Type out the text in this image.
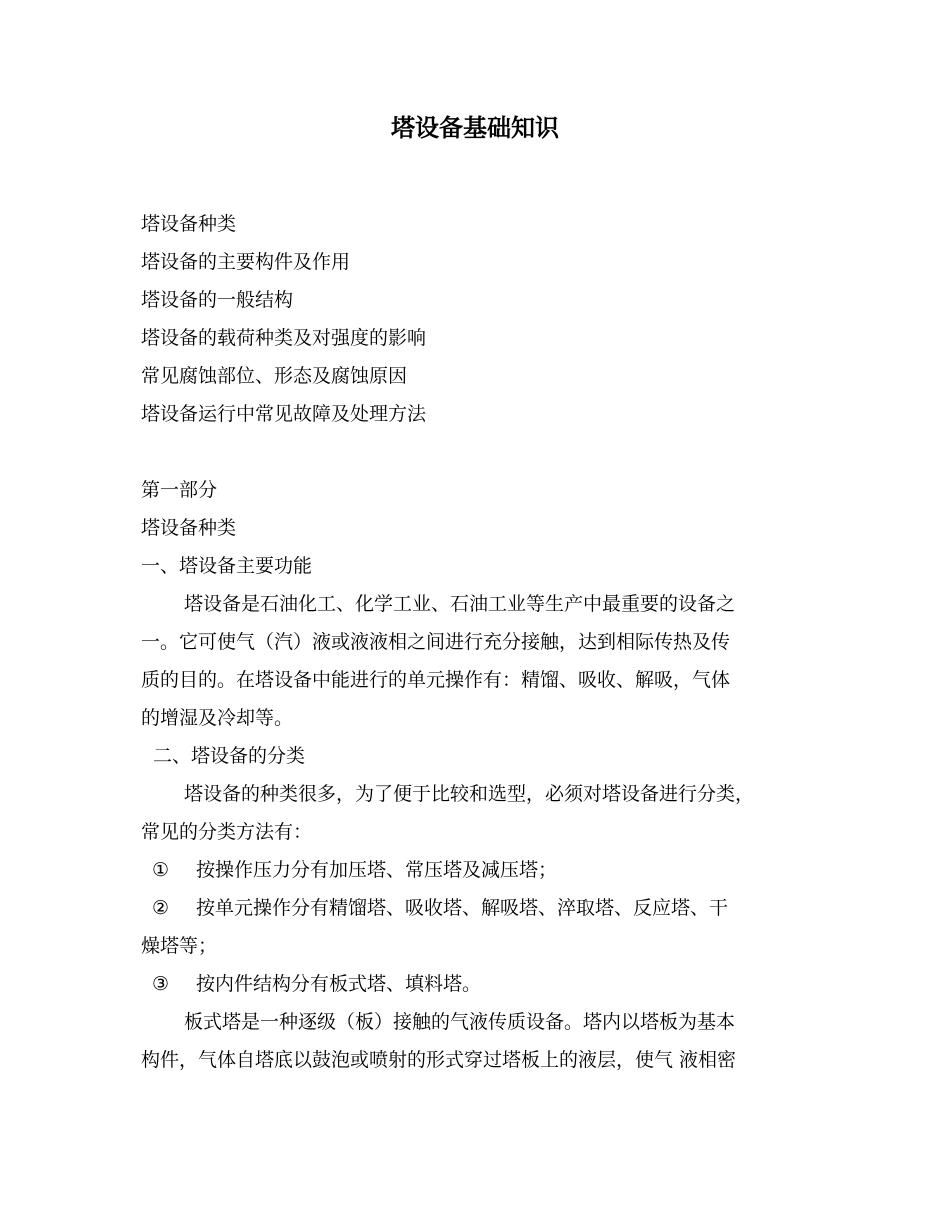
塔设备基础知识

塔设备种类

塔设备的主要构件及作用

塔设备的一般结构

塔设备的载荷种类及对强度的影响

常见腐蚀部位、形态及腐蚀原因

塔设备运行中常见故障及处理方法

第一部分

塔设备种类

一、塔设备主要功能

塔设备是石油化工、化学工业、石油工业等生产中最重要的设备之

一。它可使气（汽）液或液液相之间进行充分接触，达到相际传热及传

质的目的。在塔设备中能进行的单元操作有：精馏、吸收、解吸，气体

的增湿及冷却等。

二、塔设备的分类

塔设备的种类很多，为了便于比较和选型，必须对塔设备进行分类，

常见的分类方法有：

① 按操作压力分有加压塔、常压塔及减压塔；
② 按单元操作分有精馏塔、吸收塔、解吸塔、淬取塔、反应塔、干

燥塔等；

③ 按内件结构分有板式塔、填料塔。

板式塔是一种逐级（板）接触的气液传质设备。塔内以塔板为基本

构件，气体自塔底以鼓泡或喷射的形式穿过塔板上的液层，使气 液相密
